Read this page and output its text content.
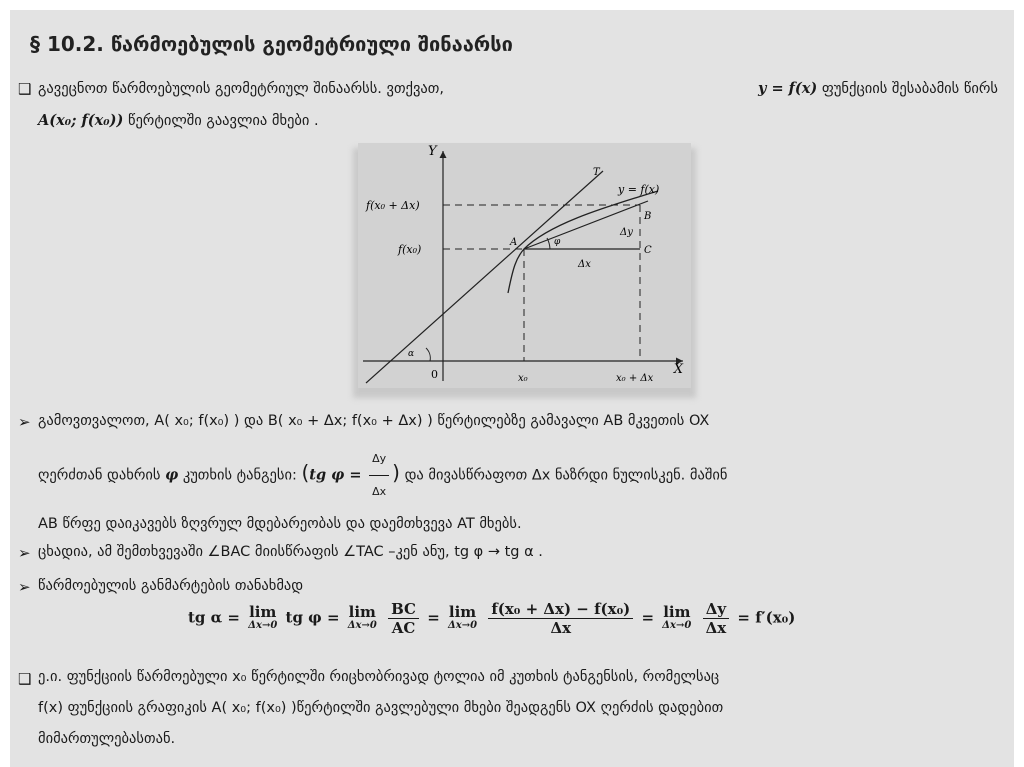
§ 10.2. წარმოებულის გეომეტრიული შინაარსი
❑ გავეცნოთ წარმოებულის გეომეტრიულ შინაარსს. ვთქვათ,	y = f(x) ფუნქციის შესაბამის წირს
A(x₀; f(x₀)) წერტილში გაავლია მხები .
Y
X
T
y = f(x)
f(x₀ + Δx)
f(x₀)
A
B
C
Δy
Δx
φ
α
0	x₀	x₀ + Δx
➢ გამოვთვალოთ, A( x₀; f(x₀) ) და B( x₀ + Δx; f(x₀ + Δx) ) წერტილებზე გამავალი AB მკვეთის OX
ღერძთან დახრის φ კუთხის ტანგესი: (tg $\varphi = \frac{\Delta y}{\Delta x}$ ) და მივასწრაფოთ Δx ნაზრდი ნულისკენ. მაშინ
AB წრფე დაიკავებს ზღვრულ მდებარეობას და დაემთხვევა AT მხებს.
➢ ცხადია, ამ შემთხვევაში ∠BAC მიისწრაფის ∠TAC –კენ ანუ, tg φ → tg α .
➢ წარმოებულის განმარტების თანახმად
tg α = lim
Δx→0 tg φ = lim
Δx→0
$\frac{BC}{AC} = \lim$
Δx→0
$\frac{\text{f(x₀ + Δx) − f(x₀)}}{\Delta x} = \lim$
Δx→0
$\frac{\Delta y}{\Delta x} = f'(x_0)$
❑ ე.ი. ფუნქციის წარმოებული x₀ წერტილში რიცხობრივად ტოლია იმ კუთხის ტანგენსის, რომელსაც
f(x) ფუნქციის გრაფიკის A( x₀; f(x₀) )წერტილში გავლებული მხები შეადგენს OX ღერძის დადებით
მიმართულებასთან.
